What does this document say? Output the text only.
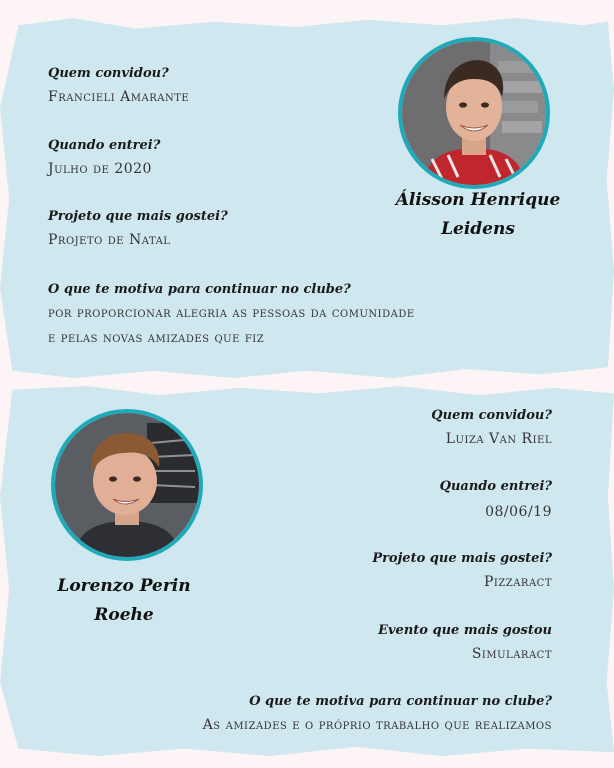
Quem convidou?
Francieli Amarante
Quando entrei?
Julho de 2020
Projeto que mais gostei?
Projeto de Natal
O que te motiva para continuar no clube?
por proporcionar alegria as pessoas da comunidade
e pelas novas amizades que fiz
Álisson Henrique
Leidens
Lorenzo Perin
Roehe
Quem convidou?
Luiza Van Riel
Quando entrei?
08/06/19
Projeto que mais gostei?
Pizzaract
Evento que mais gostou
Simularact
O que te motiva para continuar no clube?
As amizades e o próprio trabalho que realizamos
